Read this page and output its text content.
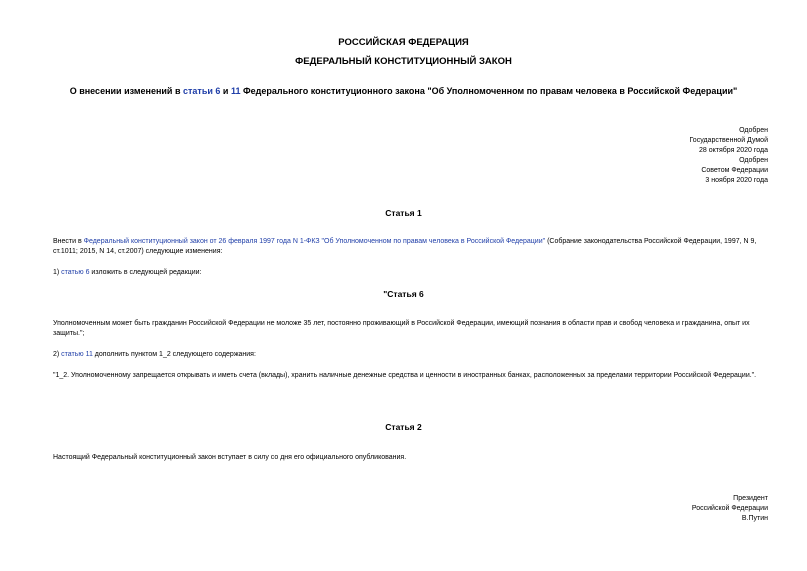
РОССИЙСКАЯ ФЕДЕРАЦИЯ
ФЕДЕРАЛЬНЫЙ КОНСТИТУЦИОННЫЙ ЗАКОН
О внесении изменений в статьи 6 и 11 Федерального конституционного закона "Об Уполномоченном по правам человека в Российской Федерации"
Одобрен
Государственной Думой
28 октября 2020 года
Одобрен
Советом Федерации
3 ноября 2020 года
Статья 1
Внести в Федеральный конституционный закон от 26 февраля 1997 года N 1-ФКЗ "Об Уполномоченном по правам человека в Российской Федерации" (Собрание законодательства Российской Федерации, 1997, N 9, ст.1011; 2015, N 14, ст.2007) следующие изменения:
1) статью 6 изложить в следующей редакции:
"Статья 6
Уполномоченным может быть гражданин Российской Федерации не моложе 35 лет, постоянно проживающий в Российской Федерации, имеющий познания в области прав и свобод человека и гражданина, опыт их защиты.";
2) статью 11 дополнить пунктом 1_2 следующего содержания:
"1_2. Уполномоченному запрещается открывать и иметь счета (вклады), хранить наличные денежные средства и ценности в иностранных банках, расположенных за пределами территории Российской Федерации.".
Статья 2
Настоящий Федеральный конституционный закон вступает в силу со дня его официального опубликования.
Президент
Российской Федерации
В.Путин
